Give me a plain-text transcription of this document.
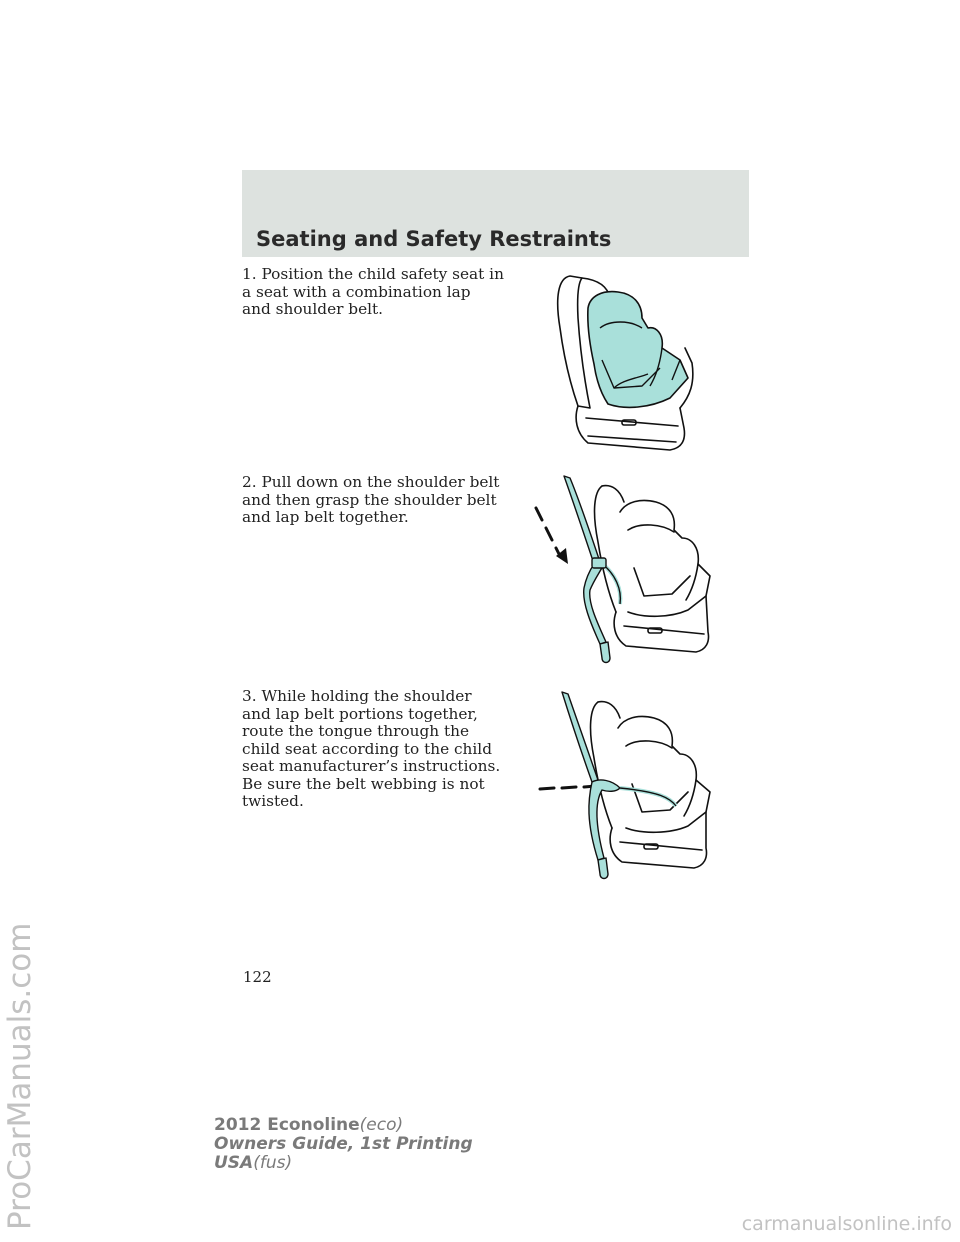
Seating and Safety Restraints

1. Position the child safety seat in a seat with a combination lap and shoulder belt.

2. Pull down on the shoulder belt and then grasp the shoulder belt and lap belt together.

3. While holding the shoulder and lap belt portions together, route the tongue through the child seat according to the child seat manufacturer’s instructions. Be sure the belt webbing is not twisted.

122

2012 Econoline(eco)
Owners Guide, 1st Printing
USA(fus)
ProCarManuals.com	carmanualsonline.info
